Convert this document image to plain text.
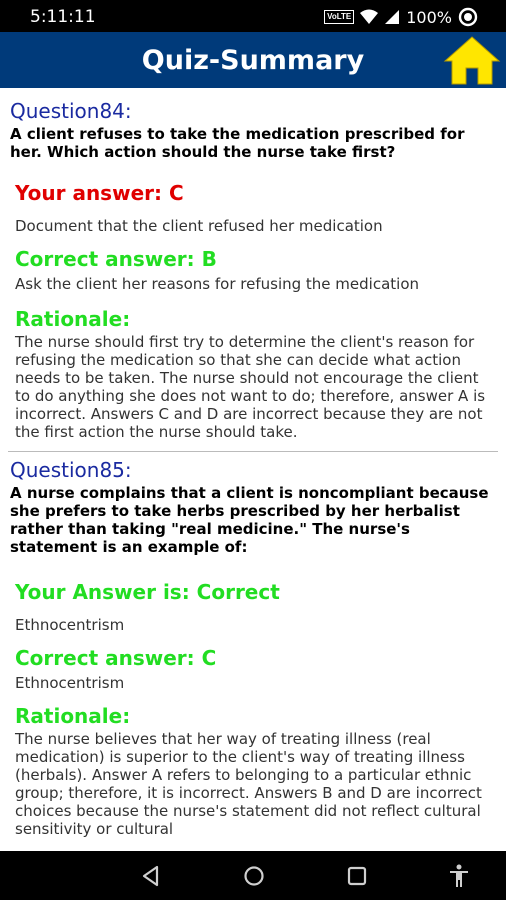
5:11:11	VoLTE	100%
Quiz-Summary
Question84:
A client refuses to take the medication prescribed for her. Which action should the nurse take first?
Your answer: C
Document that the client refused her medication
Correct answer: B
Ask the client her reasons for refusing the medication
Rationale:
The nurse should first try to determine the client's reason for refusing the medication so that she can decide what action needs to be taken. The nurse should not encourage the client to do anything she does not want to do; therefore, answer A is incorrect. Answers C and D are incorrect because they are not the first action the nurse should take.
Question85:
A nurse complains that a client is noncompliant because she prefers to take herbs prescribed by her herbalist rather than taking "real medicine." The nurse's statement is an example of:
Your Answer is: Correct
Ethnocentrism
Correct answer: C
Ethnocentrism
Rationale:
The nurse believes that her way of treating illness (real medication) is superior to the client's way of treating illness (herbals). Answer A refers to belonging to a particular ethnic group; therefore, it is incorrect. Answers B and D are incorrect choices because the nurse's statement did not reflect cultural sensitivity or cultural
